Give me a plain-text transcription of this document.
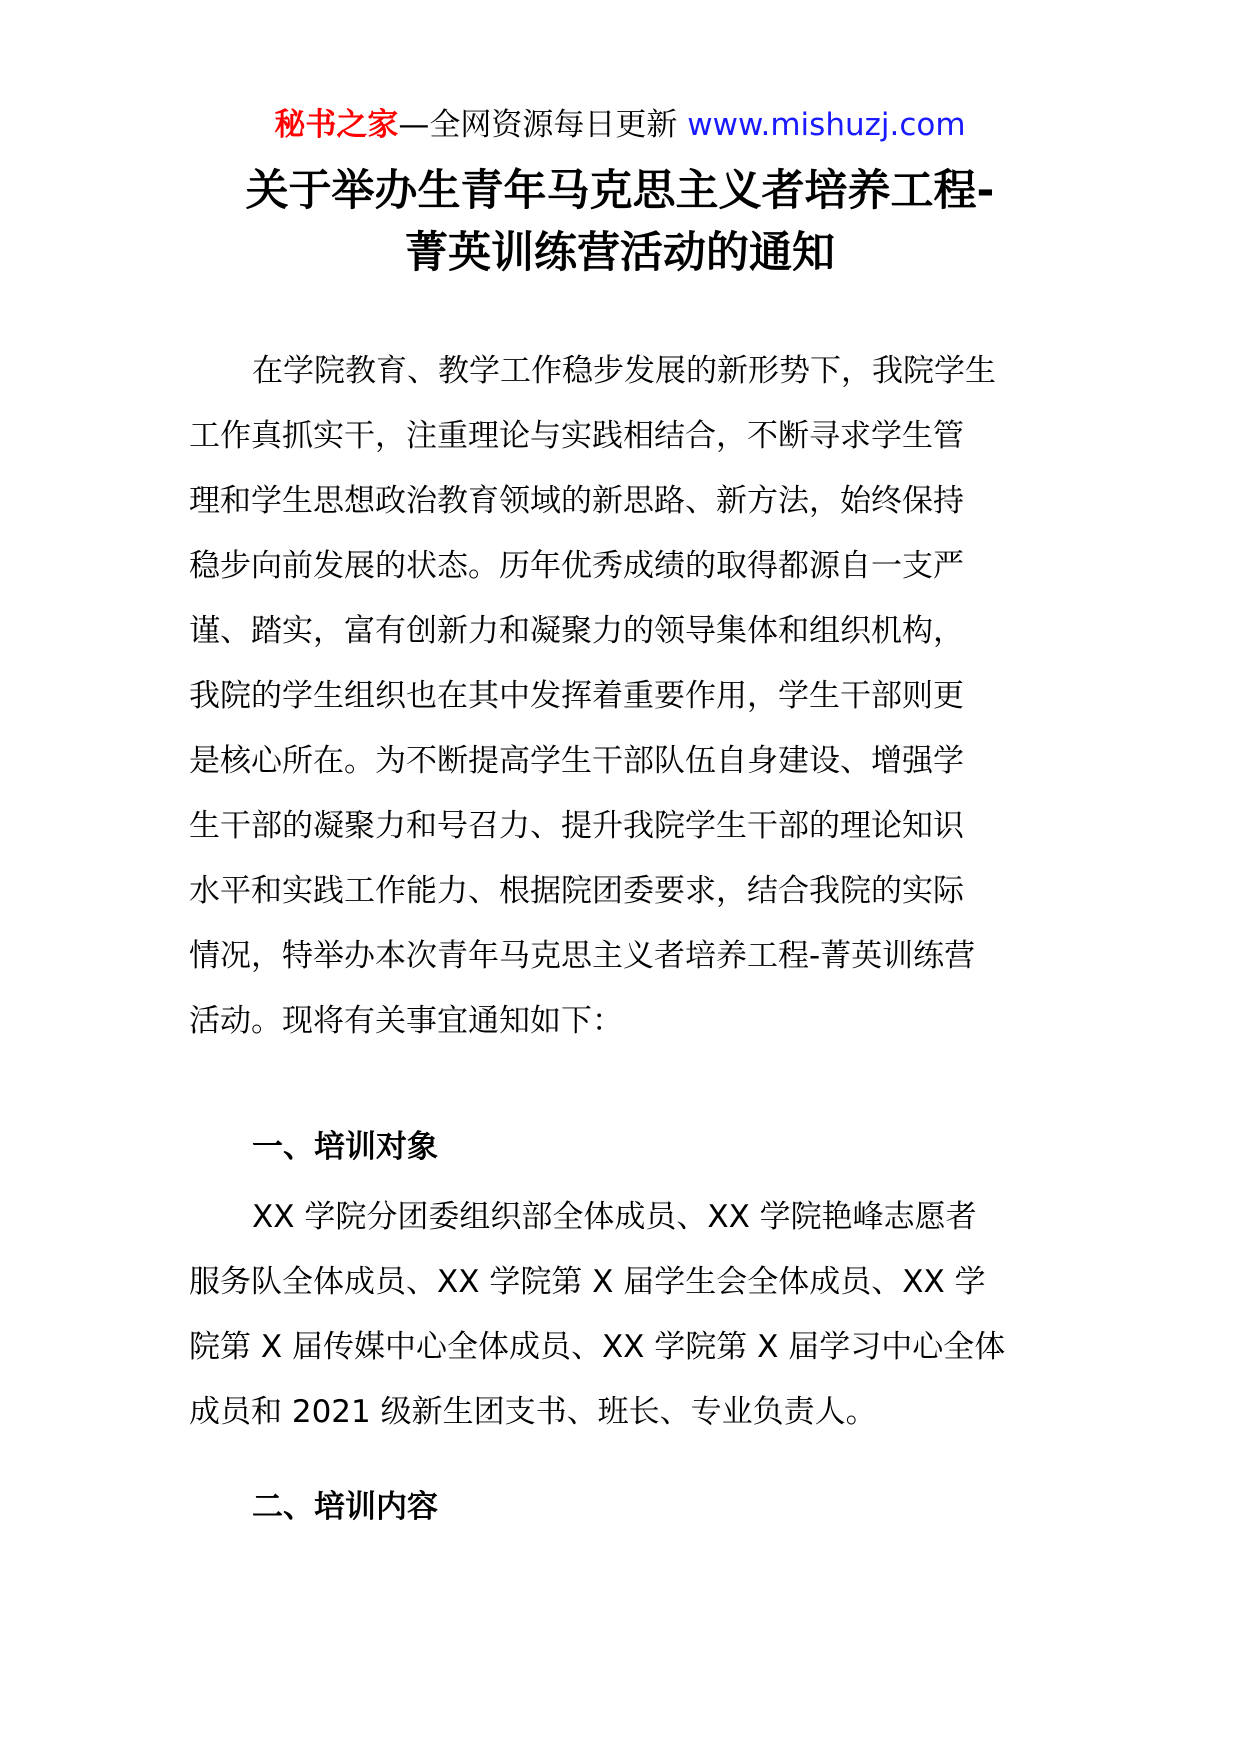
秘书之家—全网资源每日更新 www.mishuzj.com
关于举办生青年马克思主义者培养工程-
菁英训练营活动的通知
在学院教育、教学工作稳步发展的新形势下，我院学生
工作真抓实干，注重理论与实践相结合，不断寻求学生管
理和学生思想政治教育领域的新思路、新方法，始终保持
稳步向前发展的状态。历年优秀成绩的取得都源自一支严
谨、踏实，富有创新力和凝聚力的领导集体和组织机构，
我院的学生组织也在其中发挥着重要作用，学生干部则更
是核心所在。为不断提高学生干部队伍自身建设、增强学
生干部的凝聚力和号召力、提升我院学生干部的理论知识
水平和实践工作能力、根据院团委要求，结合我院的实际
情况，特举办本次青年马克思主义者培养工程-菁英训练营
活动。现将有关事宜通知如下：
一、培训对象
XX 学院分团委组织部全体成员、XX 学院艳峰志愿者
服务队全体成员、XX 学院第 X 届学生会全体成员、XX 学
院第 X 届传媒中心全体成员、XX 学院第 X 届学习中心全体
成员和 2021 级新生团支书、班长、专业负责人。
二、培训内容
